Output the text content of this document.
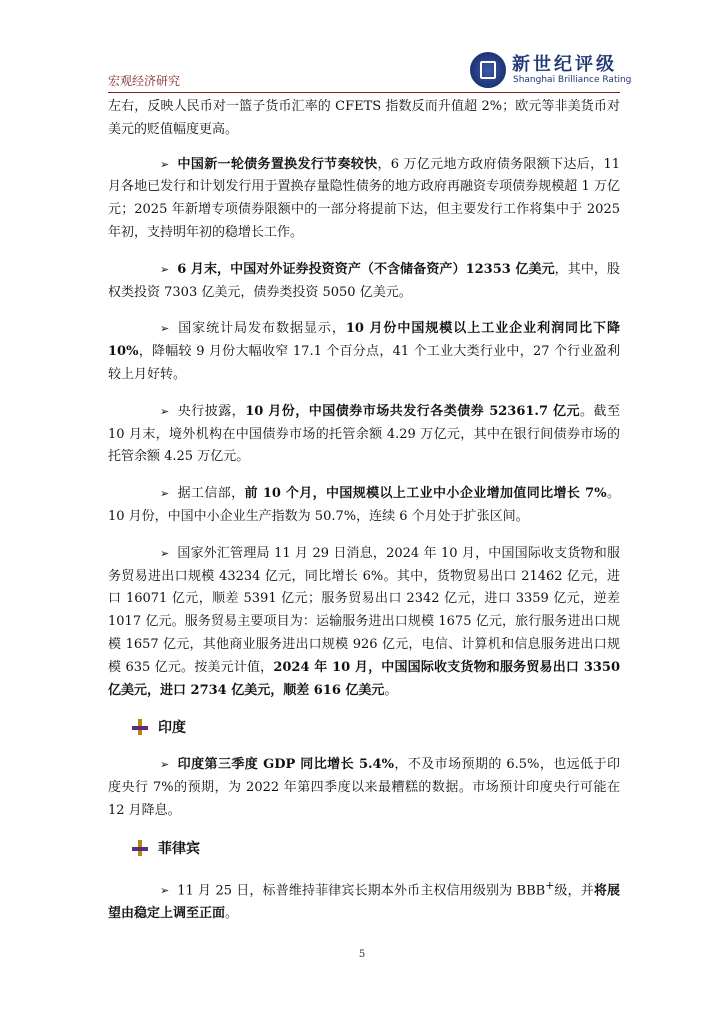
宏观经济研究
新世纪评级
Shanghai Brilliance Rating

左右，反映人民币对一篮子货币汇率的 CFETS 指数反而升值超 2%；欧元等非美货币对美元的贬值幅度更高。

➢ 中国新一轮债务置换发行节奏较快，6 万亿元地方政府债务限额下达后，11 月各地已发行和计划发行用于置换存量隐性债务的地方政府再融资专项债券规模超 1 万亿元；2025 年新增专项债券限额中的一部分将提前下达，但主要发行工作将集中于 2025 年初，支持明年初的稳增长工作。

➢ 6 月末，中国对外证券投资资产（不含储备资产）12353 亿美元，其中，股权类投资 7303 亿美元，债券类投资 5050 亿美元。

➢ 国家统计局发布数据显示，10 月份中国规模以上工业企业利润同比下降 10%，降幅较 9 月份大幅收窄 17.1 个百分点，41 个工业大类行业中，27 个行业盈利较上月好转。

➢ 央行披露，10 月份，中国债券市场共发行各类债券 52361.7 亿元。截至 10 月末，境外机构在中国债券市场的托管余额 4.29 万亿元，其中在银行间债券市场的托管余额 4.25 万亿元。

➢ 据工信部，前 10 个月，中国规模以上工业中小企业增加值同比增长 7%。10 月份，中国中小企业生产指数为 50.7%，连续 6 个月处于扩张区间。

➢ 国家外汇管理局 11 月 29 日消息，2024 年 10 月，中国国际收支货物和服务贸易进出口规模 43234 亿元，同比增长 6%。其中，货物贸易出口 21462 亿元，进口 16071 亿元，顺差 5391 亿元；服务贸易出口 2342 亿元，进口 3359 亿元，逆差 1017 亿元。服务贸易主要项目为：运输服务进出口规模 1675 亿元，旅行服务进出口规模 1657 亿元，其他商业服务进出口规模 926 亿元，电信、计算机和信息服务进出口规模 635 亿元。按美元计值，2024 年 10 月，中国国际收支货物和服务贸易出口 3350 亿美元，进口 2734 亿美元，顺差 616 亿美元。

印度

➢ 印度第三季度 GDP 同比增长 5.4%，不及市场预期的 6.5%，也远低于印度央行 7%的预期，为 2022 年第四季度以来最糟糕的数据。市场预计印度央行可能在 12 月降息。

菲律宾

➢ 11 月 25 日，标普维持菲律宾长期本外币主权信用级别为 BBB+级，并将展望由稳定上调至正面。

5
